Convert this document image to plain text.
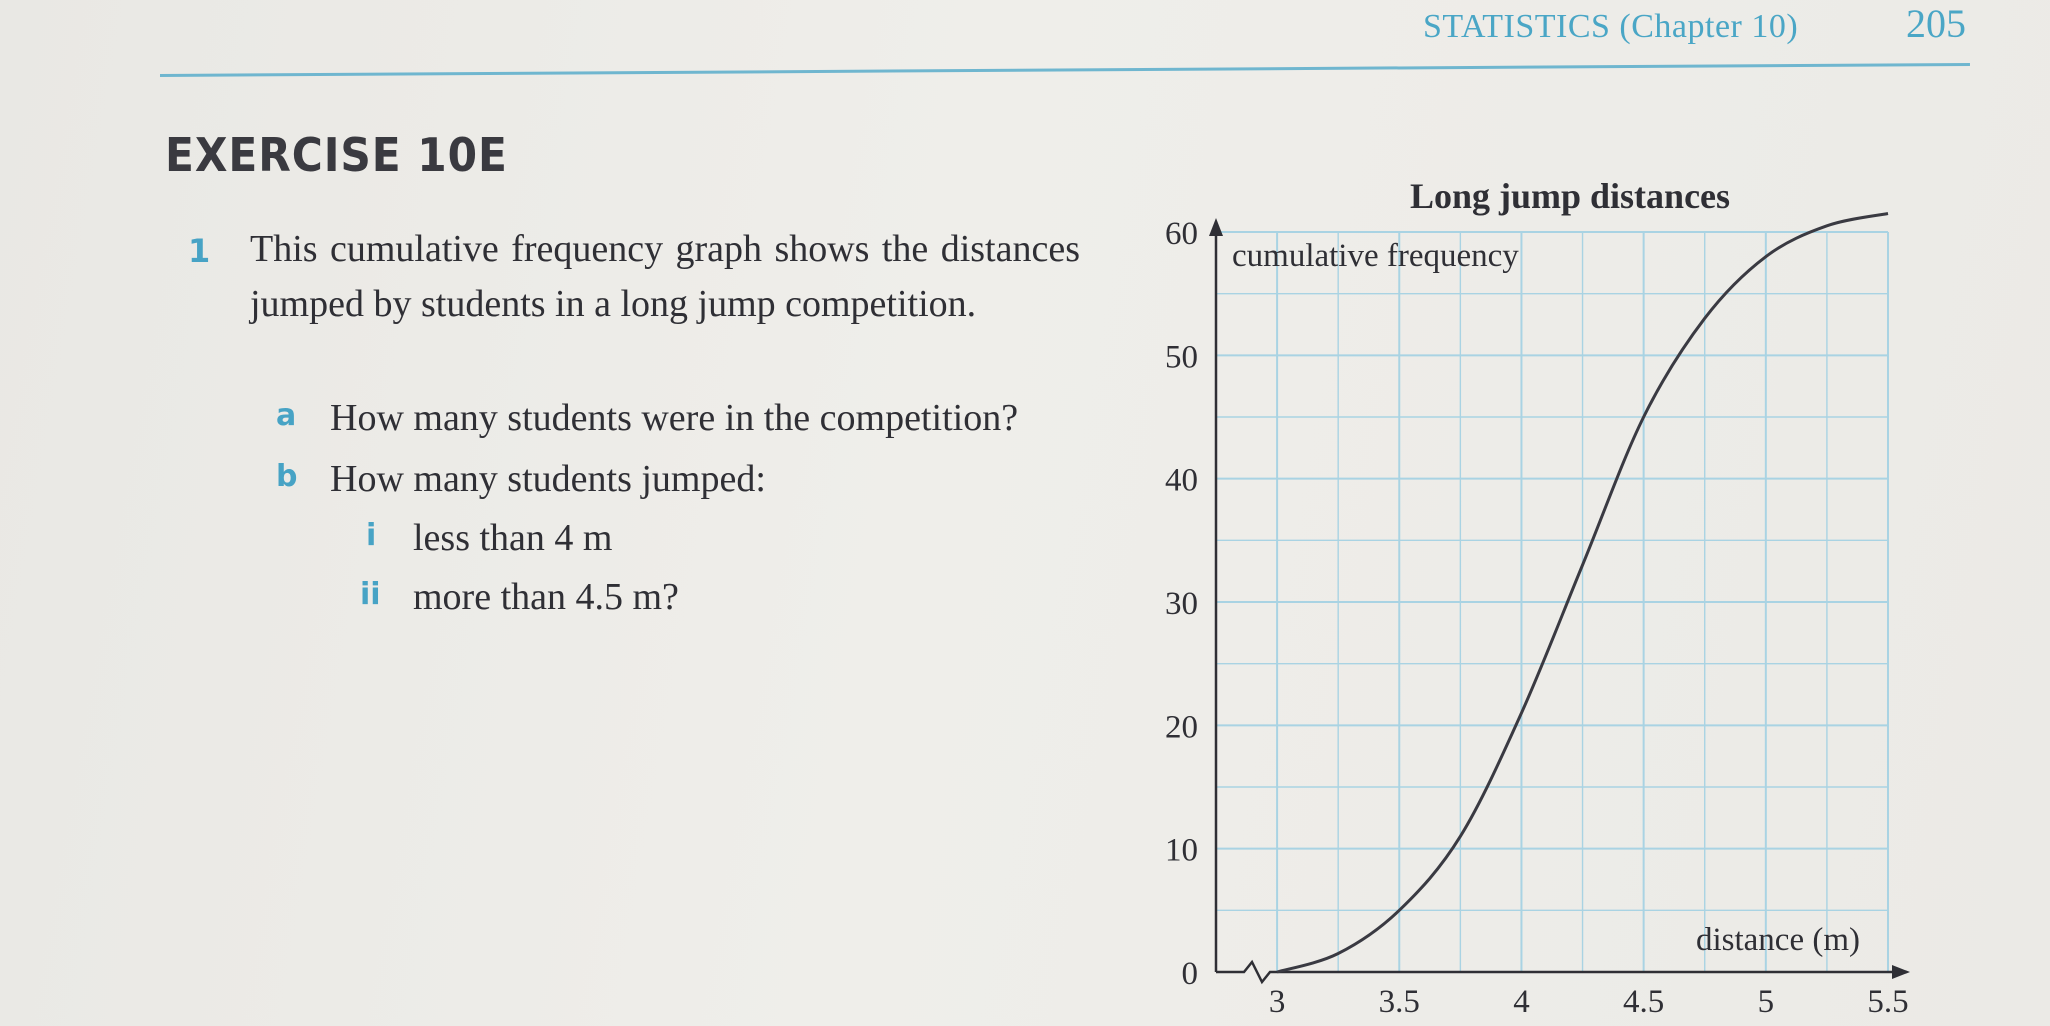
STATISTICS (Chapter 10)	205
EXERCISE 10E
1 This cumulative frequency graph shows the distances jumped by students in a long jump competition.
a How many students were in the competition?
b How many students jumped:
i less than 4 m
ii more than 4.5 m?
Long jump distances
0
10
20
30
40
50
60
3	3.5	4	4.5	5	5.5
cumulative frequency
distance (m)
